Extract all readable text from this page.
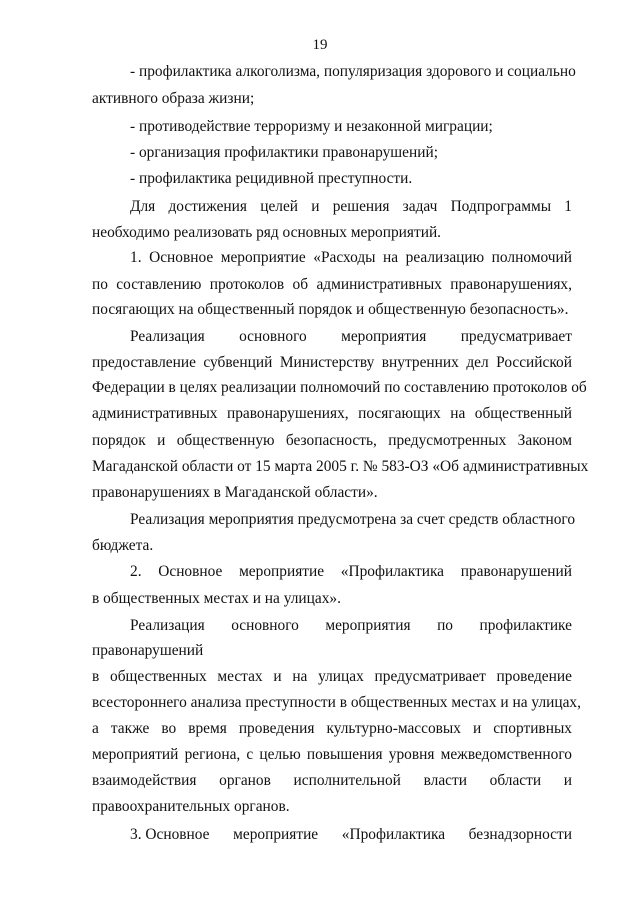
19
- профилактика алкоголизма, популяризация здорового и социально
активного образа жизни;
- противодействие терроризму и незаконной миграции;
- организация профилактики правонарушений;
- профилактика рецидивной преступности.
Для достижения целей и решения задач Подпрограммы 1
необходимо реализовать ряд основных мероприятий.
1. Основное мероприятие «Расходы на реализацию полномочий
по составлению протоколов об административных правонарушениях,
посягающих на общественный порядок и общественную безопасность».
Реализация основного мероприятия предусматривает
предоставление субвенций Министерству внутренних дел Российской
Федерации в целях реализации полномочий по составлению протоколов об
административных правонарушениях, посягающих на общественный
порядок и общественную безопасность, предусмотренных Законом
Магаданской области от 15 марта 2005 г. № 583-ОЗ «Об административных
правонарушениях в Магаданской области».
Реализация мероприятия предусмотрена за счет средств областного
бюджета.
2. Основное мероприятие «Профилактика правонарушений
в общественных местах и на улицах».
Реализация основного мероприятия по профилактике
правонарушений
в общественных местах и на улицах предусматривает проведение
всестороннего анализа преступности в общественных местах и на улицах,
а также во время проведения культурно-массовых и спортивных
мероприятий региона, с целью повышения уровня межведомственного
взаимодействия органов исполнительной власти области и
правоохранительных органов.
3. Основное мероприятие «Профилактика безнадзорности
